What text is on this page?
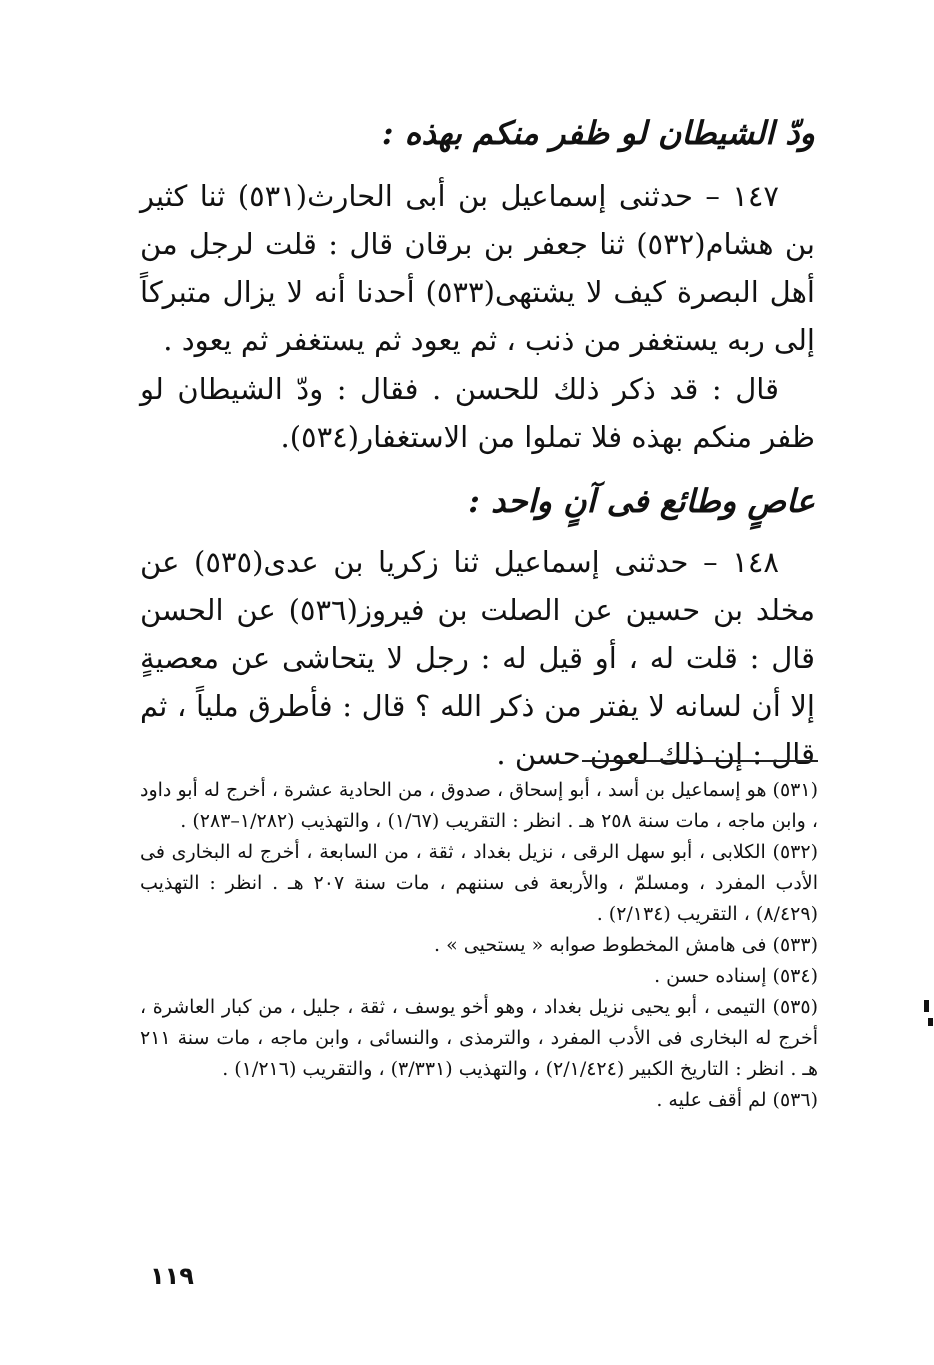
ودّ الشيطان لو ظفر منكم بهذه :
١٤٧ – حدثنى إسماعيل بن أبى الحارث(٥٣١) ثنا كثير بن هشام(٥٣٢) ثنا جعفر بن برقان قال : قلت لرجل من أهل البصرة كيف لا يشتهى(٥٣٣) أحدنا أنه لا يزال متبركاً إلى ربه يستغفر من ذنب ، ثم يعود ثم يستغفر ثم يعود .
قال : قد ذكر ذلك للحسن . فقال : ودّ الشيطان لو ظفر منكم بهذه فلا تملوا من الاستغفار(٥٣٤).
عاصٍ وطائع فى آنٍ واحد :
١٤٨ – حدثنى إسماعيل ثنا زكريا بن عدى(٥٣٥) عن مخلد بن حسين عن الصلت بن فيروز(٥٣٦) عن الحسن قال : قلت له ، أو قيل له : رجل لا يتحاشى عن معصيةٍ إلا أن لسانه لا يفتر من ذكر الله ؟ قال : فأطرق ملياً ، ثم قال : إن ذلك لعون حسن .
(٥٣١) هو إسماعيل بن أسد ، أبو إسحاق ، صدوق ، من الحادية عشرة ، أخرج له أبو داود ، وابن ماجه ، مات سنة ٢٥٨ هـ . انظر : التقريب (١/٦٧) ، والتهذيب (١/٢٨٢–٢٨٣) .
(٥٣٢) الكلابى ، أبو سهل الرقى ، نزيل بغداد ، ثقة ، من السابعة ، أخرج له البخارى فى الأدب المفرد ، ومسلمّ ، والأربعة فى سننهم ، مات سنة ٢٠٧ هـ . انظر : التهذيب (٨/٤٢٩) ، التقريب (٢/١٣٤) .
(٥٣٣) فى هامش المخطوط صوابه « يستحيى » .
(٥٣٤) إسناده حسن .
(٥٣٥) التيمى ، أبو يحيى نزيل بغداد ، وهو أخو يوسف ، ثقة ، جليل ، من كبار العاشرة ، أخرج له البخارى فى الأدب المفرد ، والترمذى ، والنسائى ، وابن ماجه ، مات سنة ٢١١ هـ . انظر : التاريخ الكبير (٢/١/٤٢٤) ، والتهذيب (٣/٣٣١) ، والتقريب (١/٢١٦) .
(٥٣٦) لم أقف عليه .
١١٩
